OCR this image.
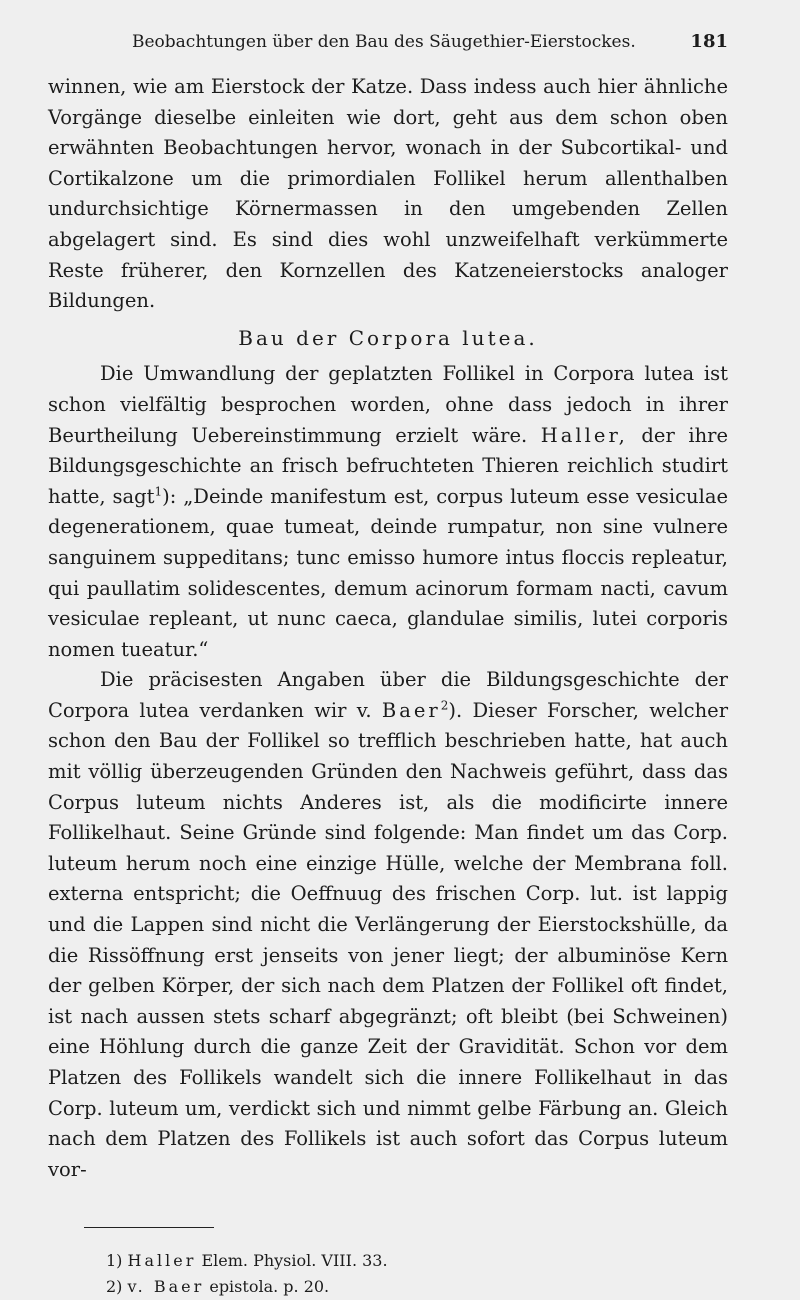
Beobachtungen über den Bau des Säugethier-Eierstockes.	181

winnen, wie am Eierstock der Katze. Dass indess auch hier ähnliche Vorgänge dieselbe einleiten wie dort, geht aus dem schon oben erwähnten Beobachtungen hervor, wonach in der Subcortikal- und Cortikalzone um die primordialen Follikel herum allenthalben undurchsichtige Körnermassen in den umgebenden Zellen abgelagert sind. Es sind dies wohl unzweifelhaft verkümmerte Reste früherer, den Kornzellen des Katzeneierstocks analoger Bildungen.

Bau der Corpora lutea.

Die Umwandlung der geplatzten Follikel in Corpora lutea ist schon vielfältig besprochen worden, ohne dass jedoch in ihrer Beurtheilung Uebereinstimmung erzielt wäre. Haller, der ihre Bildungsgeschichte an frisch befruchteten Thieren reichlich studirt hatte, sagt$^1$): „Deinde manifestum est, corpus luteum esse vesiculae degenerationem, quae tumeat, deinde rumpatur, non sine vulnere sanguinem suppeditans; tunc emisso humore intus floccis repleatur, qui paullatim solidescentes, demum acinorum formam nacti, cavum vesiculae repleant, ut nunc caeca, glandulae similis, lutei corporis nomen tueatur.“

Die präcisesten Angaben über die Bildungsgeschichte der Corpora lutea verdanken wir v. Baer$^2$). Dieser Forscher, welcher schon den Bau der Follikel so trefflich beschrieben hatte, hat auch mit völlig überzeugenden Gründen den Nachweis geführt, dass das Corpus luteum nichts Anderes ist, als die modificirte innere Follikelhaut. Seine Gründe sind folgende: Man findet um das Corp. luteum herum noch eine einzige Hülle, welche der Membrana foll. externa entspricht; die Oeffnuug des frischen Corp. lut. ist lappig und die Lappen sind nicht die Verlängerung der Eierstockshülle, da die Rissöffnung erst jenseits von jener liegt; der albuminöse Kern der gelben Körper, der sich nach dem Platzen der Follikel oft findet, ist nach aussen stets scharf abgegränzt; oft bleibt (bei Schweinen) eine Höhlung durch die ganze Zeit der Gravidität. Schon vor dem Platzen des Follikels wandelt sich die innere Follikelhaut in das Corp. luteum um, verdickt sich und nimmt gelbe Färbung an. Gleich nach dem Platzen des Follikels ist auch sofort das Corpus luteum vor-

1) Haller Elem. Physiol. VIII. 33.

2) v. Baer epistola. p. 20.
